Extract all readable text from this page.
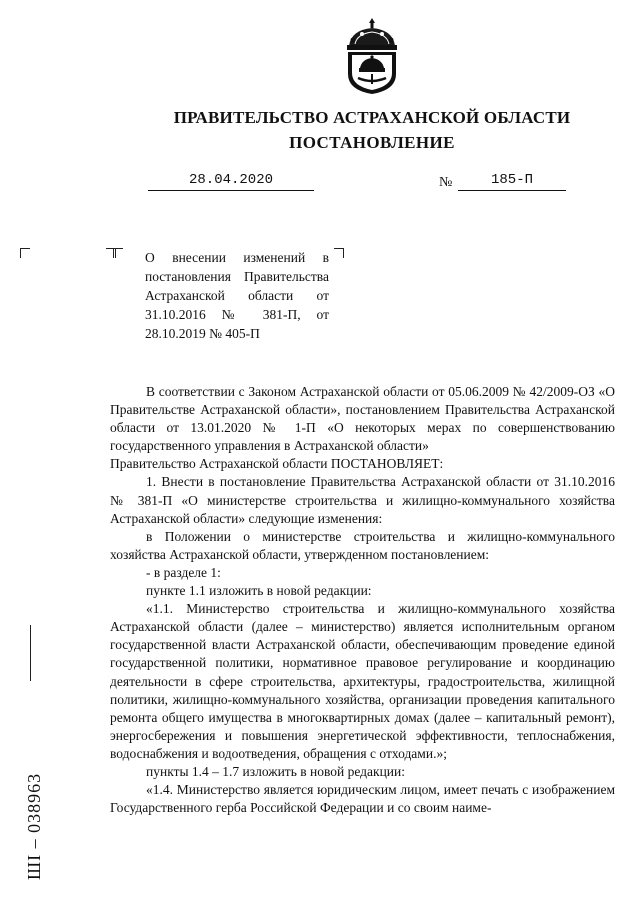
ПРАВИТЕЛЬСТВО АСТРАХАНСКОЙ ОБЛАСТИ
ПОСТАНОВЛЕНИЕ
28.04.2020	№	185-П
О внесении изменений в постановления Правительства Астраханской области от 31.10.2016 № 381-П, от 28.10.2019 № 405-П

В соответствии с Законом Астраханской области от 05.06.2009 № 42/2009-ОЗ «О Правительстве Астраханской области», постановлением Правительства Астраханской области от 13.01.2020 № 1-П «О некоторых мерах по совершенствованию государственного управления в Астраханской области»

Правительство Астраханской области ПОСТАНОВЛЯЕТ:

1. Внести в постановление Правительства Астраханской области от 31.10.2016 № 381-П «О министерстве строительства и жилищно-коммунального хозяйства Астраханской области» следующие изменения:

в Положении о министерстве строительства и жилищно-коммунального хозяйства Астраханской области, утвержденном постановлением:

- в разделе 1:

пункте 1.1 изложить в новой редакции:

«1.1. Министерство строительства и жилищно-коммунального хозяйства Астраханской области (далее – министерство) является исполнительным органом государственной власти Астраханской области, обеспечивающим проведение единой государственной политики, нормативное правовое регулирование и координацию деятельности в сфере строительства, архитектуры, градостроительства, жилищной политики, жилищно-коммунального хозяйства, организации проведения капитального ремонта общего имущества в многоквартирных домах (далее – капитальный ремонт), энергосбережения и повышения энергетической эффективности, теплоснабжения, водоснабжения и водоотведения, обращения с отходами.»;

пункты 1.4 – 1.7 изложить в новой редакции:

«1.4. Министерство является юридическим лицом, имеет печать с изображением Государственного герба Российской Федерации и со своим наиме-

ШI – 038963
